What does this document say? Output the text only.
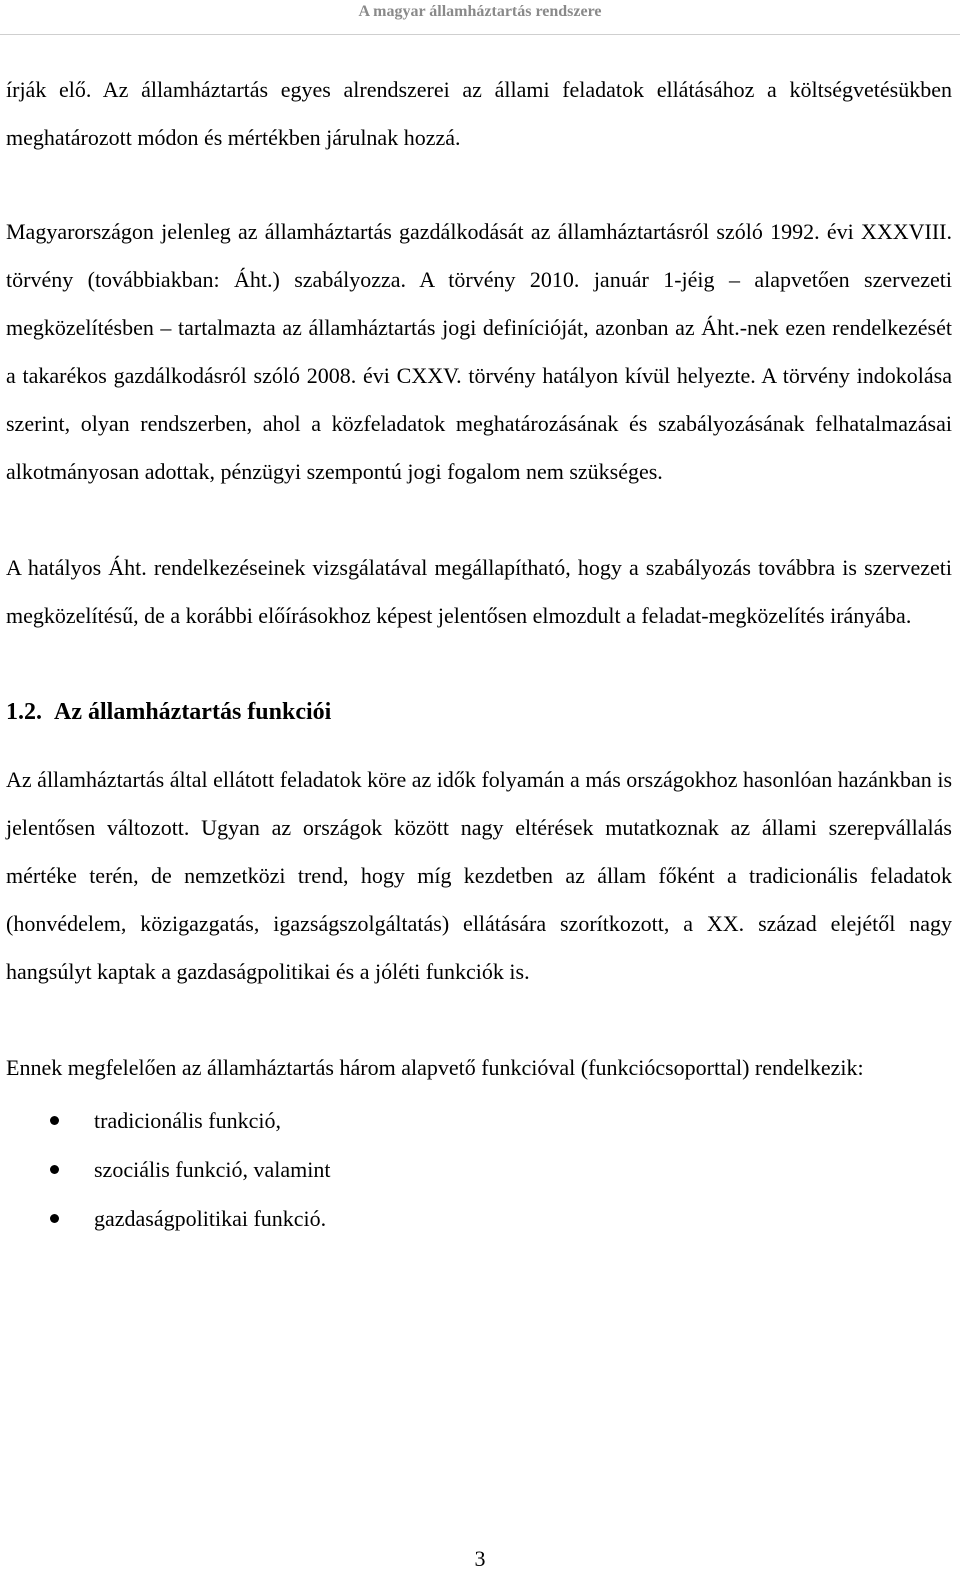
A magyar államháztartás rendszere

írják elő. Az államháztartás egyes alrendszerei az állami feladatok ellátásához a költségvetésükben meghatározott módon és mértékben járulnak hozzá.

Magyarországon jelenleg az államháztartás gazdálkodását az államháztartásról szóló 1992. évi XXXVIII. törvény (továbbiakban: Áht.) szabályozza. A törvény 2010. január 1-jéig – alapvetően szervezeti megközelítésben – tartalmazta az államháztartás jogi definícióját, azonban az Áht.-nek ezen rendelkezését a takarékos gazdálkodásról szóló 2008. évi CXXV. törvény hatályon kívül helyezte. A törvény indokolása szerint, olyan rendszerben, ahol a közfeladatok meghatározásának és szabályozásának felhatalmazásai alkotmányosan adottak, pénzügyi szempontú jogi fogalom nem szükséges.

A hatályos Áht. rendelkezéseinek vizsgálatával megállapítható, hogy a szabályozás továbbra is szervezeti megközelítésű, de a korábbi előírásokhoz képest jelentősen elmozdult a feladat-megközelítés irányába.

1.2. Az államháztartás funkciói

Az államháztartás által ellátott feladatok köre az idők folyamán a más országokhoz hasonlóan hazánkban is jelentősen változott. Ugyan az országok között nagy eltérések mutatkoznak az állami szerepvállalás mértéke terén, de nemzetközi trend, hogy míg kezdetben az állam főként a tradicionális feladatok (honvédelem, közigazgatás, igazságszolgáltatás) ellátására szorítkozott, a XX. század elejétől nagy hangsúlyt kaptak a gazdaságpolitikai és a jóléti funkciók is.

Ennek megfelelően az államháztartás három alapvető funkcióval (funkciócsoporttal) rendelkezik:

tradicionális funkció,
szociális funkció, valamint
gazdaságpolitikai funkció.
3
